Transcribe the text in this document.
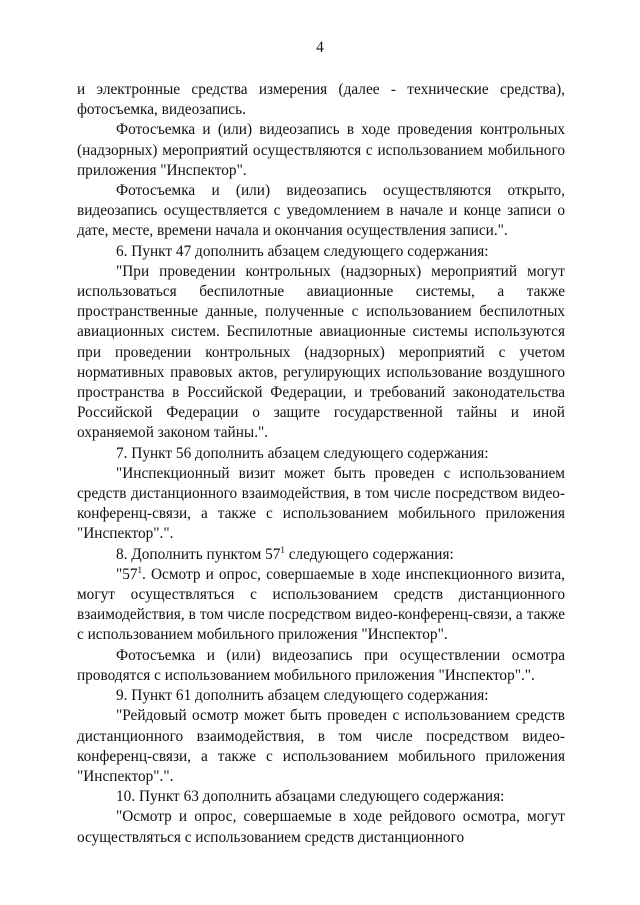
4

и электронные средства измерения (далее - технические средства), фотосъемка, видеозапись.

Фотосъемка и (или) видеозапись в ходе проведения контрольных (надзорных) мероприятий осуществляются с использованием мобильного приложения "Инспектор".

Фотосъемка и (или) видеозапись осуществляются открыто, видеозапись осуществляется с уведомлением в начале и конце записи о дате, месте, времени начала и окончания осуществления записи.".

6. Пункт 47 дополнить абзацем следующего содержания:

"При проведении контрольных (надзорных) мероприятий могут использоваться беспилотные авиационные системы, а также пространственные данные, полученные с использованием беспилотных авиационных систем. Беспилотные авиационные системы используются при проведении контрольных (надзорных) мероприятий с учетом нормативных правовых актов, регулирующих использование воздушного пространства в Российской Федерации, и требований законодательства Российской Федерации о защите государственной тайны и иной охраняемой законом тайны.".

7. Пункт 56 дополнить абзацем следующего содержания:

"Инспекционный визит может быть проведен с использованием средств дистанционного взаимодействия, в том числе посредством видео-конференц-связи, а также с использованием мобильного приложения "Инспектор".".

8. Дополнить пунктом $57^1$ следующего содержания:

"$57^1$. Осмотр и опрос, совершаемые в ходе инспекционного визита, могут осуществляться с использованием средств дистанционного взаимодействия, в том числе посредством видео-конференц-связи, а также с использованием мобильного приложения "Инспектор".

Фотосъемка и (или) видеозапись при осуществлении осмотра проводятся с использованием мобильного приложения "Инспектор".".

9. Пункт 61 дополнить абзацем следующего содержания:

"Рейдовый осмотр может быть проведен с использованием средств дистанционного взаимодействия, в том числе посредством видео-конференц-связи, а также с использованием мобильного приложения "Инспектор".".

10. Пункт 63 дополнить абзацами следующего содержания:

"Осмотр и опрос, совершаемые в ходе рейдового осмотра, могут осуществляться с использованием средств дистанционного
